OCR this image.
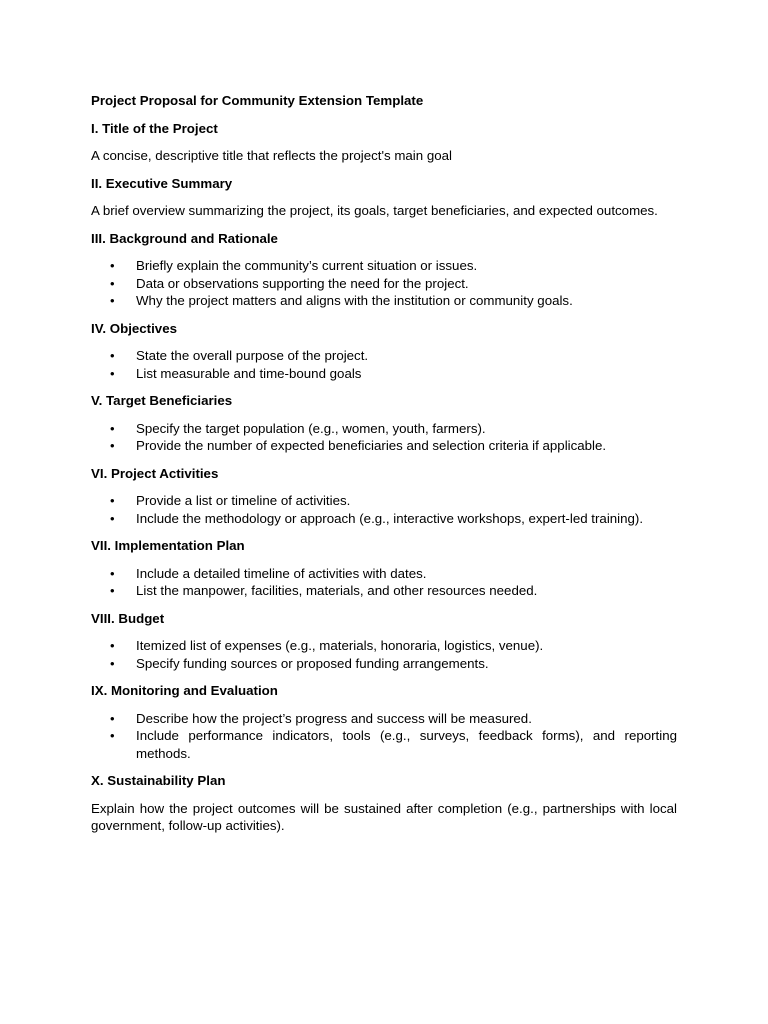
Project Proposal for Community Extension Template

I. Title of the Project

A concise, descriptive title that reflects the project's main goal

II. Executive Summary

A brief overview summarizing the project, its goals, target beneficiaries, and expected outcomes.

III. Background and Rationale

• Briefly explain the community’s current situation or issues.
• Data or observations supporting the need for the project.
• Why the project matters and aligns with the institution or community goals.

IV. Objectives

• State the overall purpose of the project.
• List measurable and time-bound goals

V. Target Beneficiaries

• Specify the target population (e.g., women, youth, farmers).
• Provide the number of expected beneficiaries and selection criteria if applicable.

VI. Project Activities

• Provide a list or timeline of activities.
• Include the methodology or approach (e.g., interactive workshops, expert-led training).

VII. Implementation Plan

• Include a detailed timeline of activities with dates.
• List the manpower, facilities, materials, and other resources needed.

VIII. Budget

• Itemized list of expenses (e.g., materials, honoraria, logistics, venue).
• Specify funding sources or proposed funding arrangements.

IX. Monitoring and Evaluation

• Describe how the project’s progress and success will be measured.
• Include performance indicators, tools (e.g., surveys, feedback forms), and reporting methods.

X. Sustainability Plan

Explain how the project outcomes will be sustained after completion (e.g., partnerships with local government, follow-up activities).
